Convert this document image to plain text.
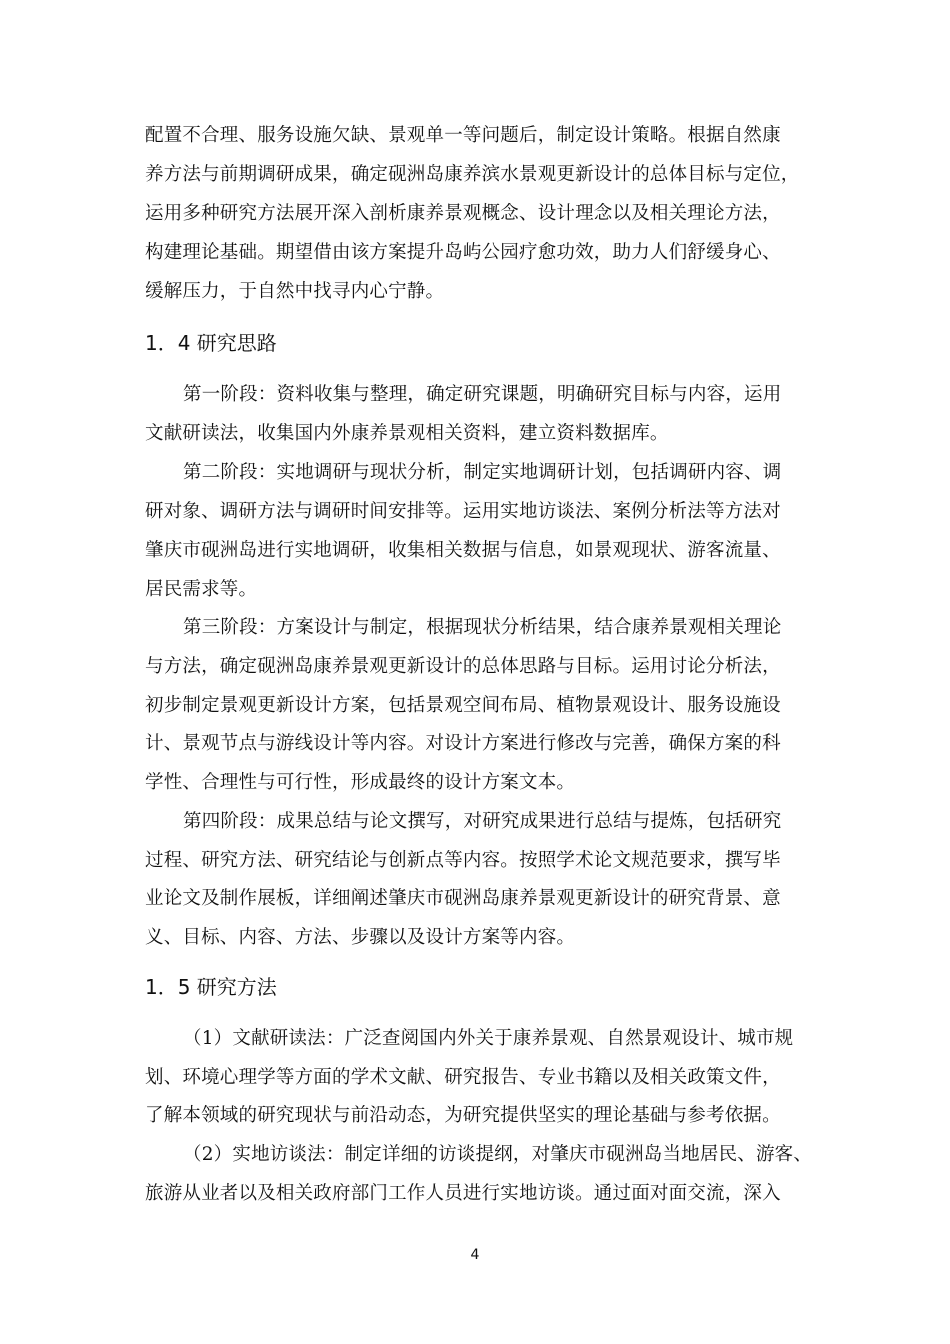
配置不合理、服务设施欠缺、景观单一等问题后，制定设计策略。根据自然康
养方法与前期调研成果，确定砚洲岛康养滨水景观更新设计的总体目标与定位，
运用多种研究方法展开深入剖析康养景观概念、设计理念以及相关理论方法，
构建理论基础。期望借由该方案提升岛屿公园疗愈功效，助力人们舒缓身心、
缓解压力，于自然中找寻内心宁静。
1．4 研究思路
第一阶段：资料收集与整理，确定研究课题，明确研究目标与内容，运用
文献研读法，收集国内外康养景观相关资料，建立资料数据库。
第二阶段：实地调研与现状分析，制定实地调研计划，包括调研内容、调
研对象、调研方法与调研时间安排等。运用实地访谈法、案例分析法等方法对
肇庆市砚洲岛进行实地调研，收集相关数据与信息，如景观现状、游客流量、
居民需求等。
第三阶段：方案设计与制定，根据现状分析结果，结合康养景观相关理论
与方法，确定砚洲岛康养景观更新设计的总体思路与目标。运用讨论分析法，
初步制定景观更新设计方案，包括景观空间布局、植物景观设计、服务设施设
计、景观节点与游线设计等内容。对设计方案进行修改与完善，确保方案的科
学性、合理性与可行性，形成最终的设计方案文本。
第四阶段：成果总结与论文撰写，对研究成果进行总结与提炼，包括研究
过程、研究方法、研究结论与创新点等内容。按照学术论文规范要求，撰写毕
业论文及制作展板，详细阐述肇庆市砚洲岛康养景观更新设计的研究背景、意
义、目标、内容、方法、步骤以及设计方案等内容。
1．5 研究方法
（1）文献研读法：广泛查阅国内外关于康养景观、自然景观设计、城市规
划、环境心理学等方面的学术文献、研究报告、专业书籍以及相关政策文件，
了解本领域的研究现状与前沿动态，为研究提供坚实的理论基础与参考依据。
（2）实地访谈法：制定详细的访谈提纲，对肇庆市砚洲岛当地居民、游客、
旅游从业者以及相关政府部门工作人员进行实地访谈。通过面对面交流，深入
4
